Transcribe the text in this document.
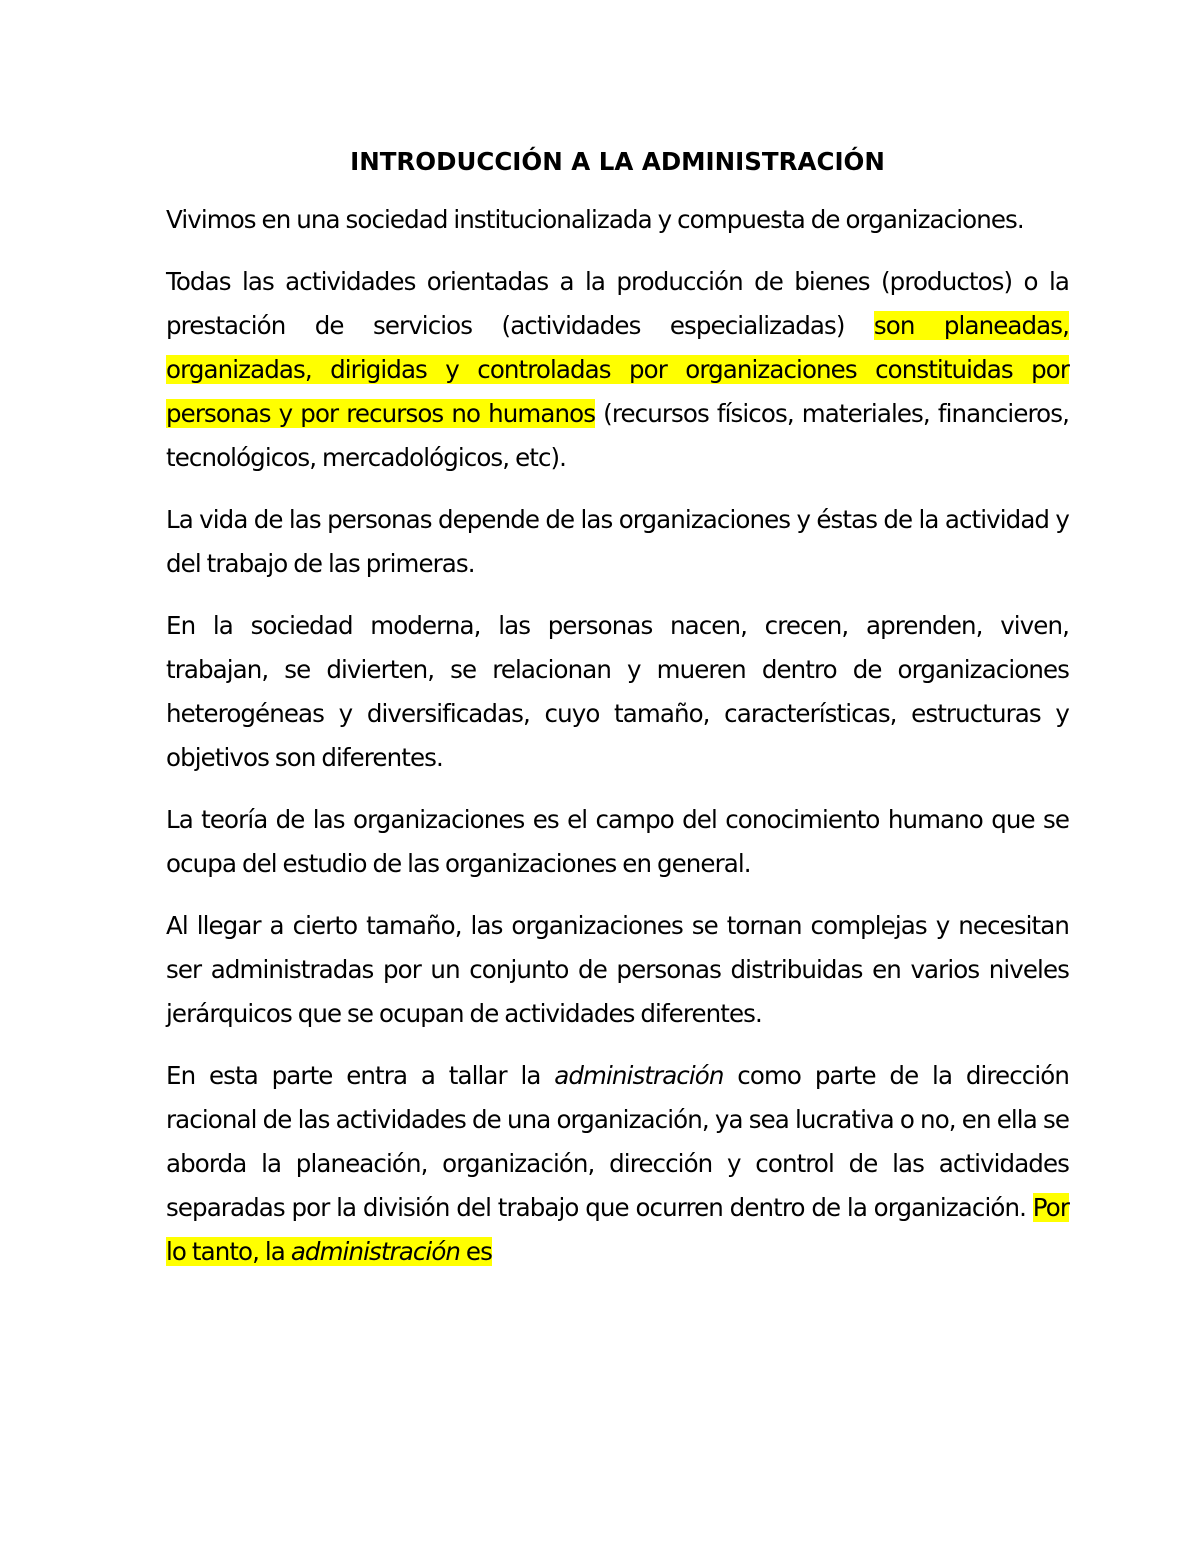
INTRODUCCIÓN A LA ADMINISTRACIÓN

Vivimos en una sociedad institucionalizada y compuesta de organizaciones.

Todas las actividades orientadas a la producción de bienes (productos) o la prestación de servicios (actividades especializadas) son planeadas, organizadas, dirigidas y controladas por organizaciones constituidas por personas y por recursos no humanos (recursos físicos, materiales, financieros, tecnológicos, mercadológicos, etc).

La vida de las personas depende de las organizaciones y éstas de la actividad y del trabajo de las primeras.

En la sociedad moderna, las personas nacen, crecen, aprenden, viven, trabajan, se divierten, se relacionan y mueren dentro de organizaciones heterogéneas y diversificadas, cuyo tamaño, características, estructuras y objetivos son diferentes.

La teoría de las organizaciones es el campo del conocimiento humano que se ocupa del estudio de las organizaciones en general.

Al llegar a cierto tamaño, las organizaciones se tornan complejas y necesitan ser administradas por un conjunto de personas distribuidas en varios niveles jerárquicos que se ocupan de actividades diferentes.

En esta parte entra a tallar la administración como parte de la dirección racional de las actividades de una organización, ya sea lucrativa o no, en ella se aborda la planeación, organización, dirección y control de las actividades separadas por la división del trabajo que ocurren dentro de la organización. Por lo tanto, la administración es
